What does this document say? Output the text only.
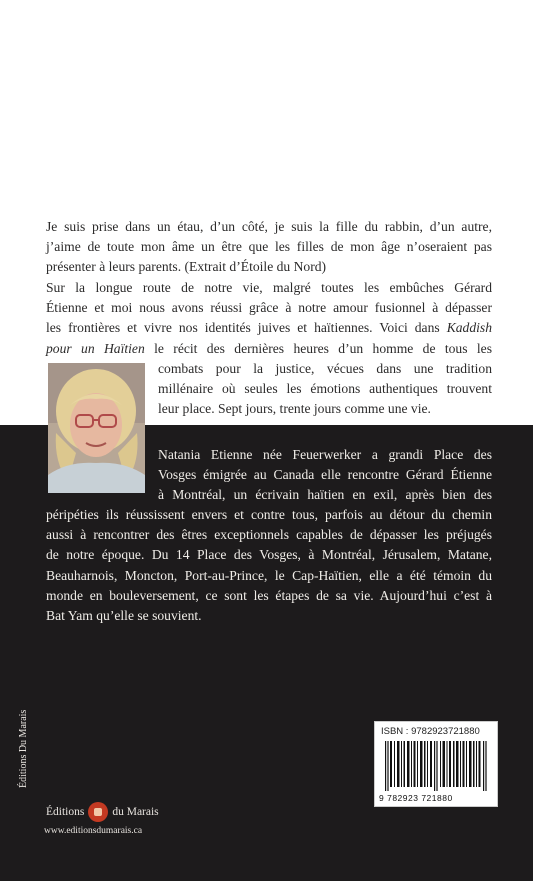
Je suis prise dans un étau, d’un côté, je suis la fille du rabbin, d’un autre,
j’aime de toute mon âme un être que les filles de mon âge n’oseraient pas
présenter à leurs parents. (Extrait d’Étoile du Nord)
Sur la longue route de notre vie, malgré toutes les embûches Gérard
Étienne et moi nous avons réussi grâce à notre amour fusionnel à dépasser
les frontières et vivre nos identités juives et haïtiennes. Voici dans Kaddish
pour un Haïtien le récit des dernières heures d’un homme de tous les
combats pour la justice, vécues dans une tradition
millénaire où seules les émotions authentiques trouvent
leur place. Sept jours, trente jours comme une vie.
Natania Etienne née Feuerwerker a grandi Place des
Vosges émigrée au Canada elle rencontre Gérard Étienne
à Montréal, un écrivain haïtien en exil, après bien des
péripéties ils réussissent envers et contre tous, parfois au détour du chemin
aussi à rencontrer des êtres exceptionnels capables de dépasser les préjugés
de notre époque. Du 14 Place des Vosges, à Montréal, Jérusalem, Matane,
Beauharnois, Moncton, Port-au-Prince, le Cap-Haïtien, elle a été témoin du
monde en bouleversement, ce sont les étapes de sa vie. Aujourd’hui c’est à
Bat Yam qu’elle se souvient.
Éditions Du Marais	ISBN : 9782923721880
9 782923 721880
Éditions du Marais
www.editionsdumarais.ca
